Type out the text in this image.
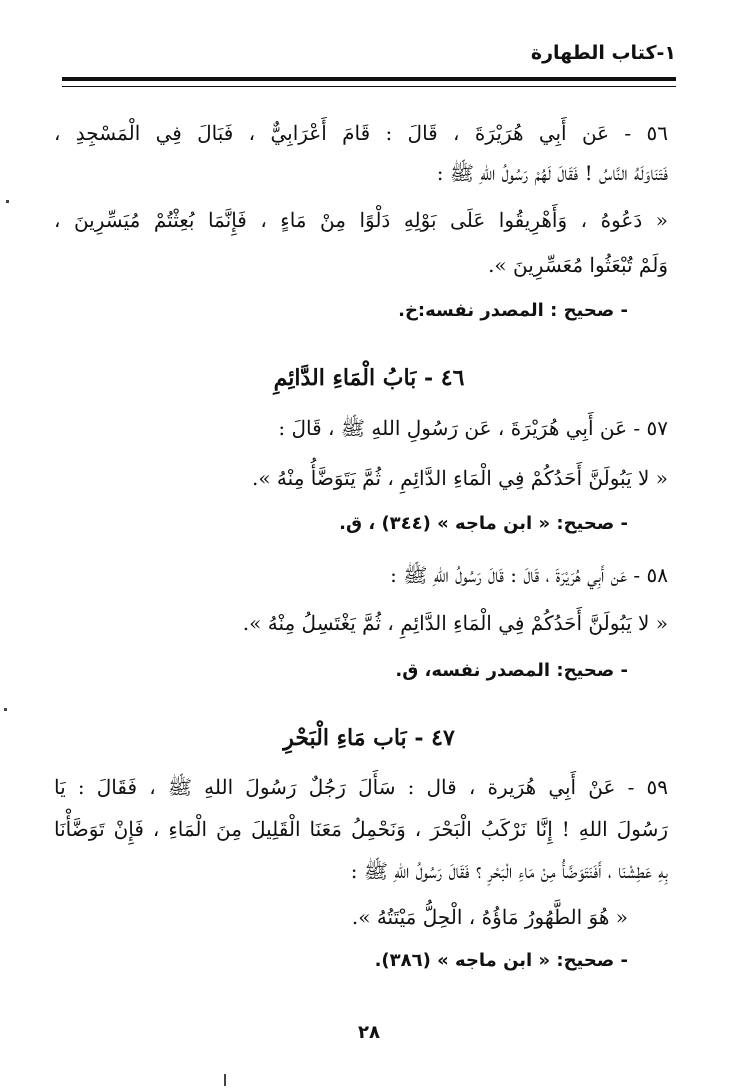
١-كتاب الطهارة
٥٦ - عَن أَبِي هُرَيْرَةَ ، قَالَ : قَامَ أَعْرَابِيٌّ ، فَبَالَ فِي الْمَسْجِدِ ،
فَتَنَاوَلَهُ النَّاسُ ! فَقَالَ لَهُمْ رَسُولُ اللهِ ﷺ :
« دَعُوهُ ، وَأَهْرِيقُوا عَلَى بَوْلِهِ دَلْوًا مِنْ مَاءٍ ، فَإِنَّمَا بُعِثْتُمْ مُيَسِّرِينَ ،
وَلَمْ تُبْعَثُوا مُعَسِّرِينَ ».
- صحيح : المصدر نفسه:خ.
٤٦ - بَابُ الْمَاءِ الدَّائِمِ
٥٧ - عَن أَبِي هُرَيْرَةَ ، عَن رَسُولِ اللهِ ﷺ ، قَالَ :
« لا يَبُولَنَّ أَحَدُكُمْ فِي الْمَاءِ الدَّائِمِ ، ثُمَّ يَتَوَضَّأُ مِنْهُ ».
- صحيح: « ابن ماجه » (٣٤٤) ، ق.
٥٨ - عَن أَبِي هُرَيْرَةَ ، قَالَ : قَالَ رَسُولُ اللهِ ﷺ :
« لا يَبُولَنَّ أَحَدُكُمْ فِي الْمَاءِ الدَّائِمِ ، ثُمَّ يَغْتَسِلُ مِنْهُ ».
- صحيح: المصدر نفسه، ق.
٤٧ - بَاب مَاءِ الْبَحْرِ
٥٩ - عَنْ أَبِي هُرَيرة ، قال : سَأَلَ رَجُلٌ رَسُولَ اللهِ ﷺ ، فَقَالَ : يَا
رَسُولَ اللهِ ! إِنَّا نَرْكَبُ الْبَحْرَ ، وَنَحْمِلُ مَعَنَا الْقَلِيلَ مِنَ الْمَاءِ ، فَإِنْ تَوَضَّأْنَا
بِهِ عَطِشْنَا ، أَفَنَتَوَضَّأُ مِنْ مَاءِ الْبَحْرِ ؟ فَقَالَ رَسُولُ اللهِ ﷺ :
« هُوَ الطَّهُورُ مَاؤُهُ ، الْحِلُّ مَيْتَتُهُ ».
- صحيح: « ابن ماجه » (٣٨٦).
٢٨
